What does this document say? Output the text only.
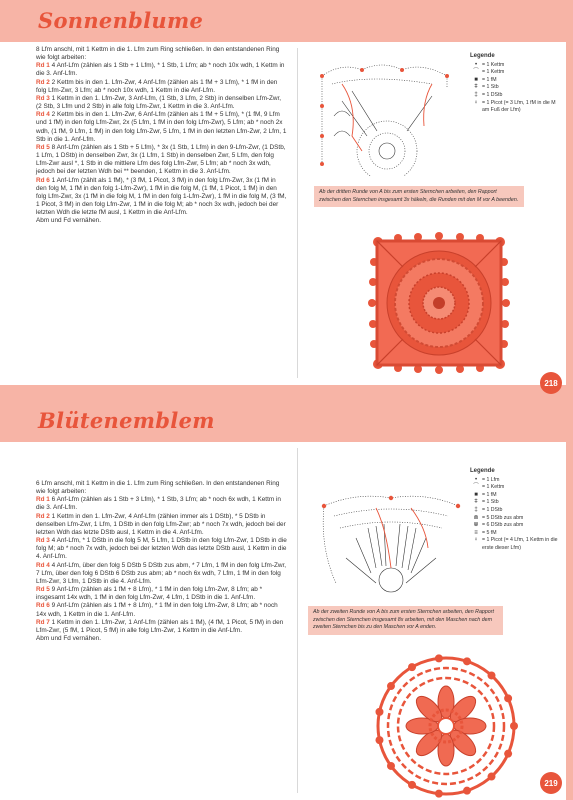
Sonnenblume

8 Lfm anschl, mit 1 Kettm in die 1. Lfm zum Ring schließen. In den entstandenen Ring wie folgt arbeiten:

Rd 1 4 Anf-Lfm (zählen als 1 Stb + 1 Lfm), * 1 Stb, 1 Lfm; ab * noch 10x wdh, 1 Kettm in die 3. Anf-Lfm.

Rd 2 2 Kettm bis in den 1. Lfm-Zwr, 4 Anf-Lfm (zählen als 1 fM + 3 Lfm), * 1 fM in den folg Lfm-Zwr, 3 Lfm; ab * noch 10x wdh, 1 Kettm in die Anf-Lfm.

Rd 3 1 Kettm in den 1. Lfm-Zwr, 3 Anf-Lfm, (1 Stb, 3 Lfm, 2 Stb) in denselben Lfm-Zwr, (2 Stb, 3 Lfm und 2 Stb) in alle folg Lfm-Zwr, 1 Kettm in die 3. Anf-Lfm.

Rd 4 2 Kettm bis in den 1. Lfm-Zwr, 6 Anf-Lfm (zählen als 1 fM + 5 Lfm), * (1 fM, 9 Lfm und 1 fM) in den folg Lfm-Zwr, 2x (5 Lfm, 1 fM in den folg Lfm-Zwr), 5 Lfm; ab * noch 2x wdh, (1 fM, 9 Lfm, 1 fM) in den folg Lfm-Zwr, 5 Lfm, 1 fM in den letzten Lfm-Zwr, 2 Lfm, 1 Stb in die 1. Anf-Lfm.

Rd 5 8 Anf-Lfm (zählen als 1 Stb + 5 Lfm), * 3x (1 Stb, 1 Lfm) in den 9-Lfm-Zwr, (1 DStb, 1 Lfm, 1 DStb) in denselben Zwr, 3x (1 Lfm, 1 Stb) in denselben Zwr, 5 Lfm, den folg Lfm-Zwr ausl *, 1 Stb in die mittlere Lfm des folg Lfm-Zwr, 5 Lfm; ab * noch 3x wdh, jedoch bei der letzten Wdh bei ** beenden, 1 Kettm in die 3. Anf-Lfm.

Rd 6 1 Anf-Lfm (zählt als 1 fM), * (3 fM, 1 Picot, 3 fM) in den folg Lfm-Zwr, 3x (1 fM in den folg M, 1 fM in den folg 1-Lfm-Zwr), 1 fM in die folg M, (1 fM, 1 Picot, 1 fM) in den folg Lfm-Zwr, 3x (1 fM in die folg M, 1 fM in den folg 1-Lfm-Zwr), 1 fM in die folg M, (3 fM, 1 Picot, 3 fM) in den folg Lfm-Zwr, 1 fM in die folg M; ab * noch 3x wdh, jedoch bei der letzten Wdh die letzte fM ausl, 1 Kettm in die Anf-Lfm.

Abm und Fd vernähen.

Legende
• = 1 Kettm
⌒ = 1 Kettm
■ = 1 fM
ǂ = 1 Stb
‡ = 1 DStb
♀ = 1 Picot (= 3 Lfm, 1 fM in die M am Fuß der Lfm)
Ab der dritten Runde von A bis zum ersten Sternchen arbeiten, den Rapport zwischen den Sternchen insgesamt 3x häkeln, die Runden mit den M vor A beenden.
218
Blütenemblem

6 Lfm anschl, mit 1 Kettm in die 1. Lfm zum Ring schließen. In den entstandenen Ring wie folgt arbeiten:

Rd 1 6 Anf-Lfm (zählen als 1 Stb + 3 Lfm), * 1 Stb, 3 Lfm; ab * noch 6x wdh, 1 Kettm in die 3. Anf-Lfm.

Rd 2 1 Kettm in den 1. Lfm-Zwr, 4 Anf-Lfm (zählen immer als 1 DStb), * 5 DStb in denselben Lfm-Zwr, 1 Lfm, 1 DStb in den folg Lfm-Zwr; ab * noch 7x wdh, jedoch bei der letzten Wdh das letzte DStb ausl, 1 Kettm in die 4. Anf-Lfm.

Rd 3 4 Anf-Lfm, * 1 DStb in die folg 5 M, 5 Lfm, 1 DStb in den folg Lfm-Zwr, 1 DStb in die folg M; ab * noch 7x wdh, jedoch bei der letzten Wdh das letzte DStb ausl, 1 Kettm in die 4. Anf-Lfm.

Rd 4 4 Anf-Lfm, über den folg 5 DStb 5 DStb zus abm, * 7 Lfm, 1 fM in den folg Lfm-Zwr, 7 Lfm, über den folg 6 DStb 6 DStb zus abm; ab * noch 6x wdh, 7 Lfm, 1 fM in den folg Lfm-Zwr, 3 Lfm, 1 DStb in die 4. Anf-Lfm.

Rd 5 9 Anf-Lfm (zählen als 1 fM + 8 Lfm), * 1 fM in den folg Lfm-Zwr, 8 Lfm; ab * insgesamt 14x wdh, 1 fM in den folg Lfm-Zwr, 4 Lfm, 1 DStb in die 1. Anf-Lfm.

Rd 6 9 Anf-Lfm (zählen als 1 fM + 8 Lfm), * 1 fM in den folg Lfm-Zwr, 8 Lfm; ab * noch 14x wdh, 1 Kettm in die 1. Anf-Lfm.

Rd 7 1 Kettm in den 1. Lfm-Zwr, 1 Anf-Lfm (zählen als 1 fM), (4 fM, 1 Picot, 5 fM) in den Lfm-Zwr, (5 fM, 1 Picot, 5 fM) in alle folg Lfm-Zwr, 1 Kettm in die Anf-Lfm.

Abm und Fd vernähen.

Legende
• = 1 Lfm
⌒ = 1 Kettm
■ = 1 fM
ǂ = 1 Stb
‡ = 1 DStb
⋒ = 5 DStb zus abm
⋓ = 6 DStb zus abm
≡ = 5 fM
♀ = 1 Picot (= 4 Lfm, 1 Kettm in die erste dieser Lfm)
Ab der zweiten Runde von A bis zum ersten Sternchen arbeiten, den Rapport zwischen den Sternchen insgesamt 8x arbeiten, mit den Maschen nach dem zweiten Sternchen bis zu den Maschen vor A enden.
219
